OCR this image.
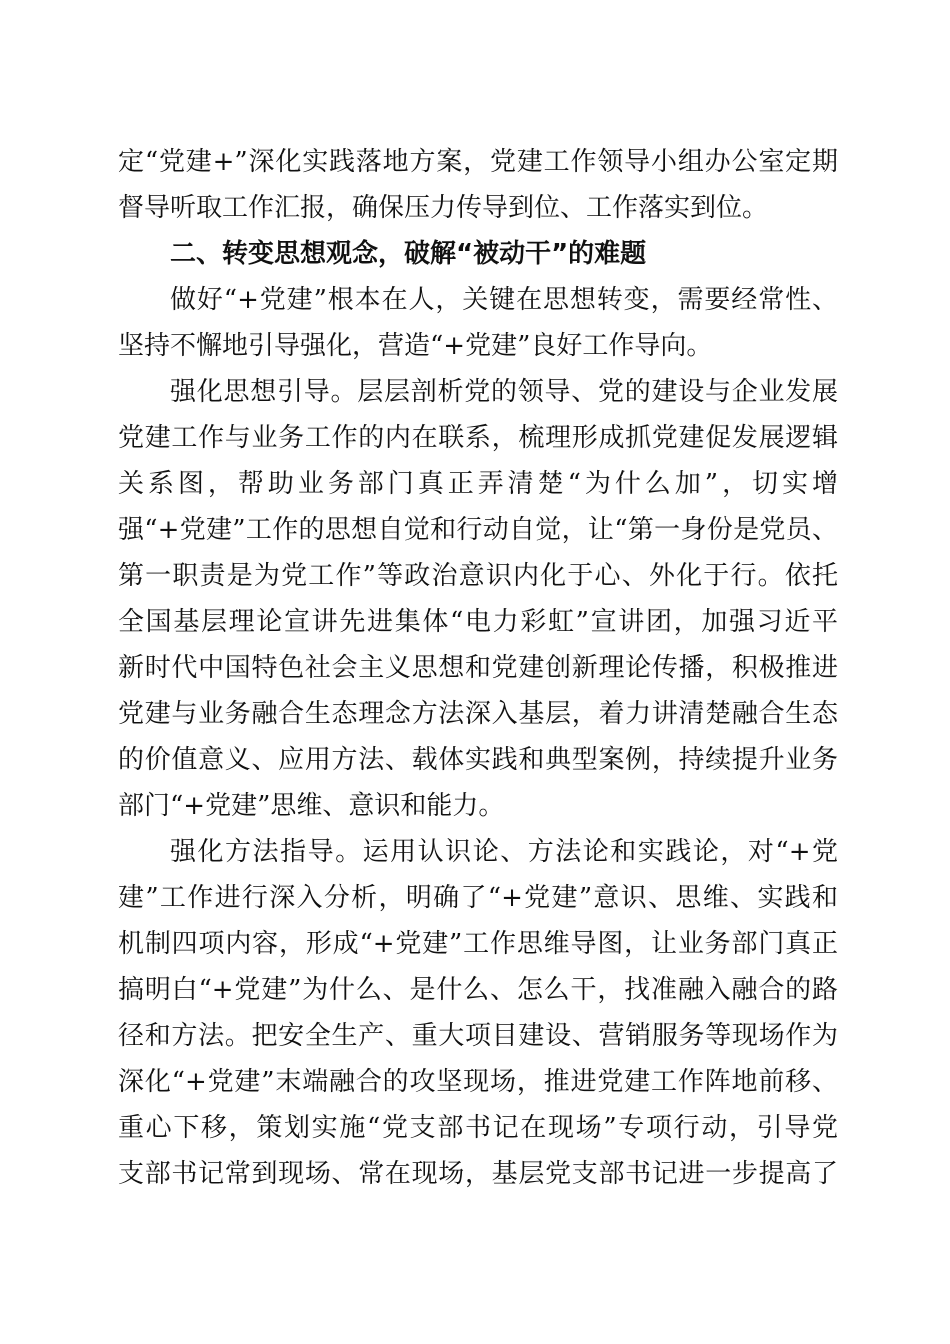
定“党建+”深化实践落地方案，党建工作领导小组办公室定期
督导听取工作汇报，确保压力传导到位、工作落实到位。
二、转变思想观念，破解“被动干”的难题
做好“+党建”根本在人，关键在思想转变，需要经常性、
坚持不懈地引导强化，营造“+党建”良好工作导向。
强化思想引导。层层剖析党的领导、党的建设与企业发展
党建工作与业务工作的内在联系，梳理形成抓党建促发展逻辑
关系图，帮助业务部门真正弄清楚“为什么加”，切实增
强“+党建”工作的思想自觉和行动自觉，让“第一身份是党员、
第一职责是为党工作”等政治意识内化于心、外化于行。依托
全国基层理论宣讲先进集体“电力彩虹”宣讲团，加强习近平
新时代中国特色社会主义思想和党建创新理论传播，积极推进
党建与业务融合生态理念方法深入基层，着力讲清楚融合生态
的价值意义、应用方法、载体实践和典型案例，持续提升业务
部门“+党建”思维、意识和能力。
强化方法指导。运用认识论、方法论和实践论，对“+党
建”工作进行深入分析，明确了“+党建”意识、思维、实践和
机制四项内容，形成“+党建”工作思维导图，让业务部门真正
搞明白“+党建”为什么、是什么、怎么干，找准融入融合的路
径和方法。把安全生产、重大项目建设、营销服务等现场作为
深化“+党建”末端融合的攻坚现场，推进党建工作阵地前移、
重心下移，策划实施“党支部书记在现场”专项行动，引导党
支部书记常到现场、常在现场，基层党支部书记进一步提高了
